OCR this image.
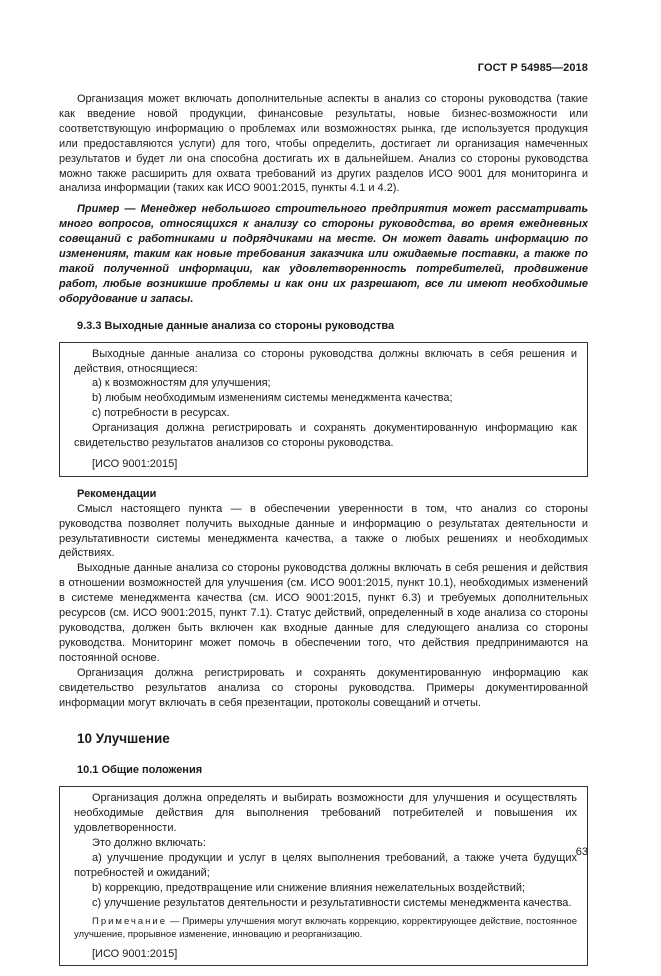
ГОСТ Р 54985—2018

Организация может включать дополнительные аспекты в анализ со стороны руководства (такие как введение новой продукции, финансовые результаты, новые бизнес-возможности или соответствующую информацию о проблемах или возможностях рынка, где используется продукция или предоставляются услуги) для того, чтобы определить, достигает ли организация намеченных результатов и будет ли она способна достигать их в дальнейшем. Анализ со стороны руководства можно также расширить для охвата требований из других разделов ИСО 9001 для мониторинга и анализа информации (таких как ИСО 9001:2015, пункты 4.1 и 4.2).

Пример — Менеджер небольшого строительного предприятия может рассматривать много вопросов, относящихся к анализу со стороны руководства, во время ежедневных совещаний с работниками и подрядчиками на месте. Он может давать информацию по изменениям, таким как новые требования заказчика или ожидаемые поставки, а также по такой полученной информации, как удовлетворенность потребителей, продвижение работ, любые возникшие проблемы и как они их разрешают, все ли имеют необходимые оборудование и запасы.

9.3.3 Выходные данные анализа со стороны руководства

Выходные данные анализа со стороны руководства должны включать в себя решения и действия, относящиеся:

a) к возможностям для улучшения;

b) любым необходимым изменениям системы менеджмента качества;

c) потребности в ресурсах.

Организация должна регистрировать и сохранять документированную информацию как свидетельство результатов анализов со стороны руководства.

[ИСО 9001:2015]

Рекомендации

Смысл настоящего пункта — в обеспечении уверенности в том, что анализ со стороны руководства позволяет получить выходные данные и информацию о результатах деятельности и результативности системы менеджмента качества, а также о любых решениях и необходимых действиях.

Выходные данные анализа со стороны руководства должны включать в себя решения и действия в отношении возможностей для улучшения (см. ИСО 9001:2015, пункт 10.1), необходимых изменений в системе менеджмента качества (см. ИСО 9001:2015, пункт 6.3) и требуемых дополнительных ресурсов (см. ИСО 9001:2015, пункт 7.1). Статус действий, определенный в ходе анализа со стороны руководства, должен быть включен как входные данные для следующего анализа со стороны руководства. Мониторинг может помочь в обеспечении того, что действия предпринимаются на постоянной основе.

Организация должна регистрировать и сохранять документированную информацию как свидетельство результатов анализа со стороны руководства. Примеры документированной информации могут включать в себя презентации, протоколы совещаний и отчеты.

10 Улучшение
10.1 Общие положения

Организация должна определять и выбирать возможности для улучшения и осуществлять необходимые действия для выполнения требований потребителей и повышения их удовлетворенности.

Это должно включать:

a) улучшение продукции и услуг в целях выполнения требований, а также учета будущих потребностей и ожиданий;

b) коррекцию, предотвращение или снижение влияния нежелательных воздействий;

c) улучшение результатов деятельности и результативности системы менеджмента качества.

Примечание — Примеры улучшения могут включать коррекцию, корректирующее действие, постоянное улучшение, прорывное изменение, инновацию и реорганизацию.

[ИСО 9001:2015]

63
